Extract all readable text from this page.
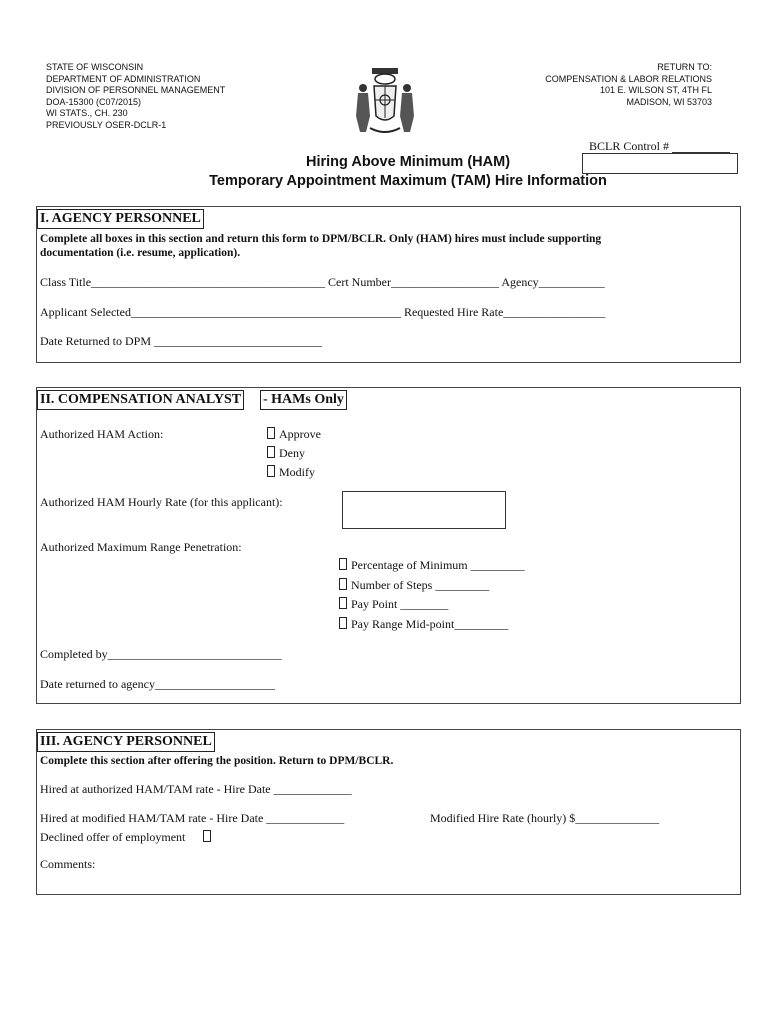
STATE OF WISCONSIN
DEPARTMENT OF ADMINISTRATION
DIVISION OF PERSONNEL MANAGEMENT
DOA-15300 (C07/2015)
WI STATS., CH. 230
PREVIOUSLY OSER-DCLR-1
RETURN TO:
COMPENSATION & LABOR RELATIONS
101 E. WILSON ST, 4TH FL
MADISON, WI 53703
BCLR Control #
Hiring Above Minimum (HAM)
Temporary Appointment Maximum (TAM) Hire Information
I. AGENCY PERSONNEL
Complete all boxes in this section and return this form to DPM/BCLR. Only (HAM) hires must include supporting
documentation (i.e. resume, application).
Class Title_______________________________________ Cert Number__________________ Agency___________
Applicant Selected_____________________________________________ Requested Hire Rate_________________
Date Returned to DPM ____________________________
II. COMPENSATION ANALYST - HAMs Only
Authorized HAM Action:	Approve
Deny
Modify
Authorized HAM Hourly Rate (for this applicant):
Authorized Maximum Range Penetration:
Percentage of Minimum _________
Number of Steps _________
Pay Point ________
Pay Range Mid-point_________
Completed by_____________________________
Date returned to agency____________________
III. AGENCY PERSONNEL
Complete this section after offering the position. Return to DPM/BCLR.
Hired at authorized HAM/TAM rate - Hire Date _____________
Hired at modified HAM/TAM rate - Hire Date _____________	Modified Hire Rate (hourly) $______________
Declined offer of employment
Comments:
